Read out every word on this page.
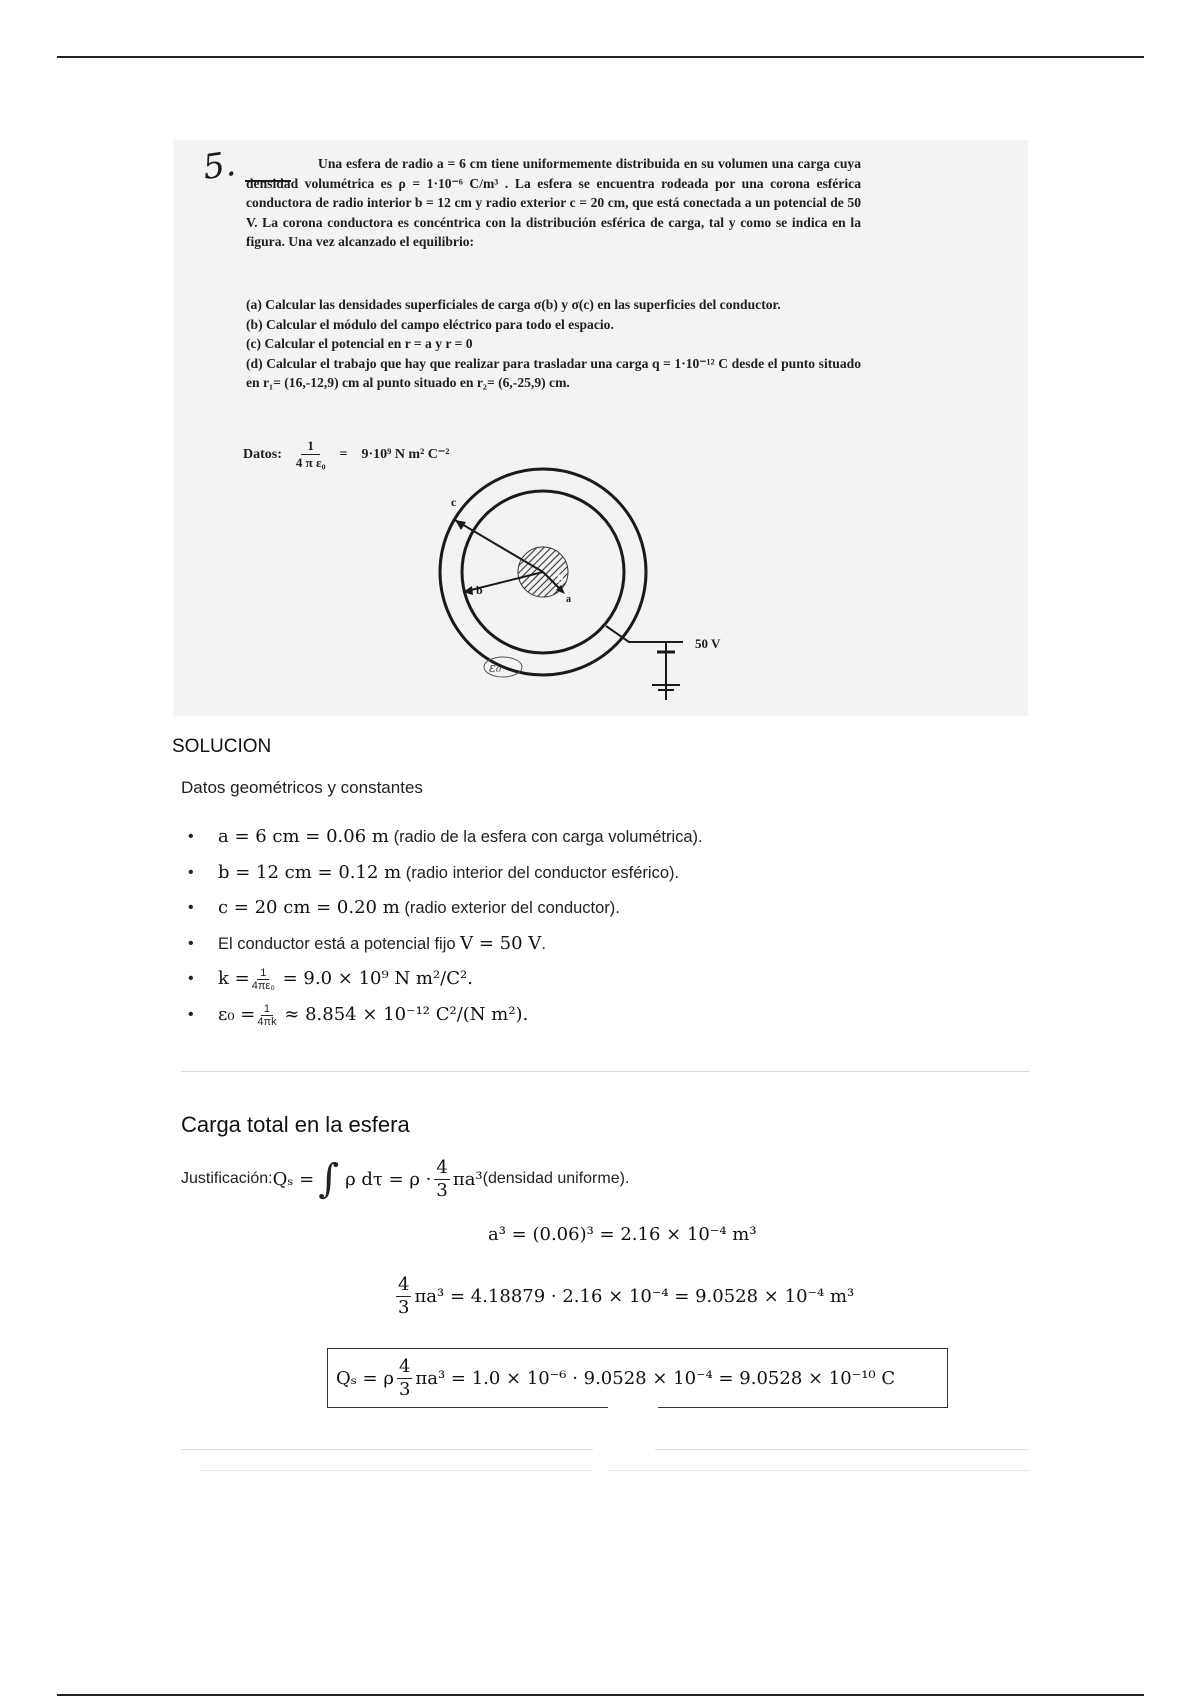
5.	Una esfera de radio a = 6 cm tiene uniformemente distribuida en su volumen una carga cuya densidad volumétrica es ρ = 1·10⁻⁶ C/m³ . La esfera se encuentra rodeada por una corona esférica conductora de radio interior b = 12 cm y radio exterior c = 20 cm, que está conectada a un potencial de 50 V. La corona conductora es concéntrica con la distribución esférica de carga, tal y como se indica en la figura. Una vez alcanzado el equilibrio:

(a) Calcular las densidades superficiales de carga σ(b) y σ(c) en las superficies del conductor.

(b) Calcular el módulo del campo eléctrico para todo el espacio.

(c) Calcular el potencial en r = a y r = 0

(d) Calcular el trabajo que hay que realizar para trasladar una carga q = 1·10⁻¹² C desde el punto situado en r₁= (16,-12,9) cm al punto situado en r₂= (6,-25,9) cm.

Datos: $\frac{1}{\text{4 π ε₀}} = 9\cdot 10^9$ N m² C⁻²
c
b
ρ
a
50 V
ε₀
SOLUCION
Datos geométricos y constantes
• a = 6 cm = 0.06 m (radio de la esfera con carga volumétrica).
• b = 12 cm = 0.12 m (radio interior del conductor esférico).
• c = 20 cm = 0.20 m (radio exterior del conductor).
• El conductor está a potencial fijo V = 50 V.
• $k = \frac{1}{\text{4πε₀}} = 9.0 \times 10^9$ N m²/C².
• $\varepsilon_0 = \frac{1}{4\pi k} \approx 8.854 \times 10^{-12}$ C²/(N m²).
Carga total en la esfera
Justificación: Qₛ = ∫ ρ dτ = ρ ·
4
3
πa³ (densidad uniforme).
a³ = (0.06)³ = 2.16 × 10⁻⁴ m³
4
3
πa³ = 4.18879 · 2.16 × 10⁻⁴ = 9.0528 × 10⁻⁴ m³
Qₛ = ρ
4
3
πa³ = 1.0 × 10⁻⁶ · 9.0528 × 10⁻⁴ = 9.0528 × 10⁻¹⁰ C
